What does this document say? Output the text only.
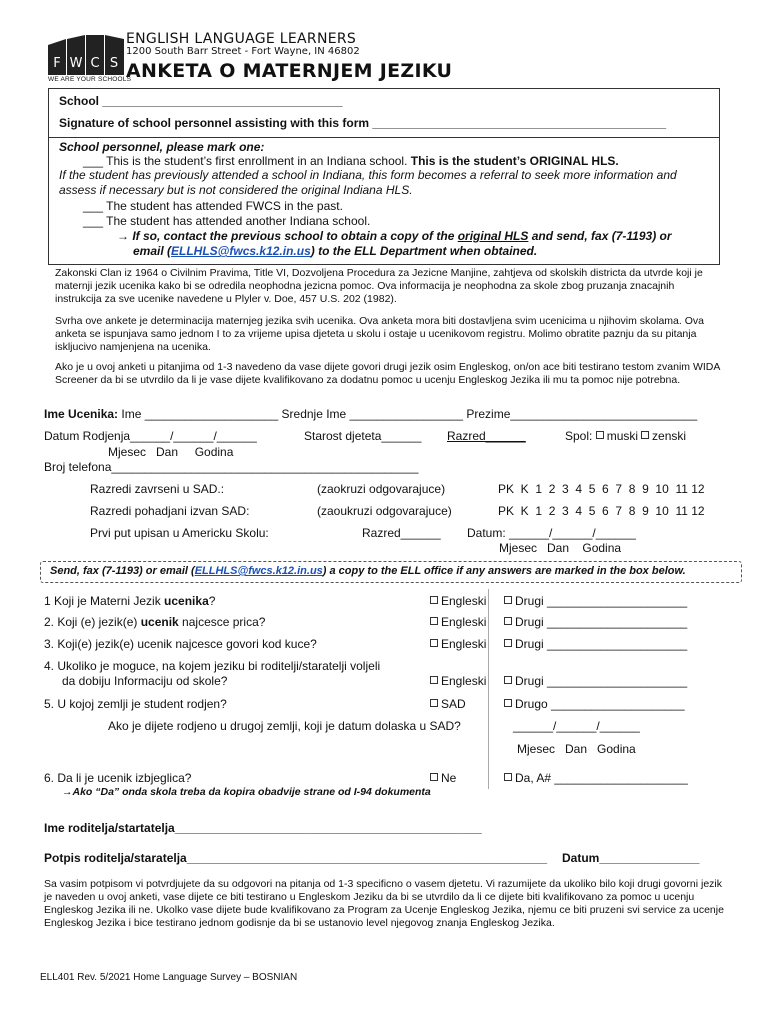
F W C S
WE ARE YOUR SCHOOLS
ENGLISH LANGUAGE LEARNERS
1200 South Barr Street - Fort Wayne, IN 46802
ANKETA O MATERNJEM JEZIKU
School ____________________________________
Signature of school personnel assisting with this form ____________________________________________
School personnel, please mark one:
___ This is the student’s first enrollment in an Indiana school. This is the student’s ORIGINAL HLS.
If the student has previously attended a school in Indiana, this form becomes a referral to seek more information and assess if necessary but is not considered the original Indiana HLS.
___ The student has attended FWCS in the past.
___ The student has attended another Indiana school.
→ If so, contact the previous school to obtain a copy of the original HLS and send, fax (7-1193) or
email (ELLHLS@fwcs.k12.in.us) to the ELL Department when obtained.
Zakonski Clan iz 1964 o Civilnim Pravima, Title VI, Dozvoljena Procedura za Jezicne Manjine, zahtjeva od skolskih districta da utvrde koji je maternji jezik ucenika kako bi se odredila neophodna jezicna pomoc. Ova informacija je neophodna za skole zbog pruzanja znacajnih instrukcija za sve ucenike navedene u Plyler v. Doe, 457 U.S. 202 (1982).
Svrha ove ankete je determinacija maternjeg jezika svih ucenika. Ova anketa mora biti dostavljena svim ucenicima u njihovim skolama. Ova anketa se ispunjava samo jednom I to za vrijeme upisa djeteta u skolu i ostaje u ucenikovom registru. Molimo obratite paznju da su pitanja iskljucivo namjenjena na ucenika.
Ako je u ovoj anketi u pitanjima od 1-3 navedeno da vase dijete govori drugi jezik osim Engleskog, on/on ace biti testirano testom zvanim WIDA Screener da bi se utvrdilo da li je vase dijete kvalifikovano za dodatnu pomoc u ucenju Engleskog Jezika ili mu ta pomoc nije potrebna.
Ime Ucenika: Ime ____________________ Srednje Ime _________________ Prezime____________________________
Datum Rodjenja______/______/______
Mjesec   Dan     Godina
Starost djeteta______ Razred______	Spol: muski zenski
Broj telefona______________________________________________
Razredi zavrseni u SAD.:	(zaokruzi odgovarajuce)	PK  K  1  2  3  4  5  6  7  8  9  10  11 12
Razredi pohadjani izvan SAD:	(zaoukruzi odgovarajuce)	PK  K  1  2  3  4  5  6  7  8  9  10  11 12
Prvi put upisan u Americku Skolu:	Razred______ Datum: ______/______/______
Mjesec   Dan    Godina
Send, fax (7-1193) or email (ELLHLS@fwcs.k12.in.us) a copy to the ELL office if any answers are marked in the box below.
1 Koji je Materni Jezik ucenika?	Engleski	Drugi _____________________
2. Koji (e) jezik(e) ucenik najcesce prica?	Engleski	Drugi _____________________
3. Koji(e) jezik(e) ucenik najcesce govori kod kuce?	Engleski	Drugi _____________________
4. Ukoliko je moguce, na kojem jeziku bi roditelji/staratelji voljeli
da dobiju Informaciju od skole?	Engleski	Drugi _____________________
5. U kojoj zemlji je student rodjen?	SAD	Drugo ____________________
Ako je dijete rodjeno u drugoj zemlji, koji je datum dolaska u SAD?	______/______/______
Mjesec   Dan   Godina
6. Da li je ucenik izbjeglica?	Ne	Da, A# ____________________
→Ako “Da” onda skola treba da kopira obadvije strane od I-94 dokumenta
Ime roditelja/startatelja______________________________________________
Potpis roditelja/staratelja______________________________________________________ Datum_______________
Sa vasim potpisom vi potvrdjujete da su odgovori na pitanja od 1-3 specificno o vasem djetetu. Vi razumijete da ukoliko bilo koji drugi govorni jezik je naveden u ovoj anketi, vase dijete ce biti testirano u Engleskom Jeziku da bi se utvrdilo da li ce dijete biti kvalifikovano za pomoc u ucenju Engleskog Jezika ili ne. Ukolko vase dijete bude kvalifikovano za Program za Ucenje Engleskog Jezika, njemu ce biti pruzeni svi service za ucenje Engleskog Jezika i bice testirano jednom godisnje da bi se ustanovio level njegovog znanja Engleskog Jezika.
ELL401 Rev. 5/2021 Home Language Survey – BOSNIAN
